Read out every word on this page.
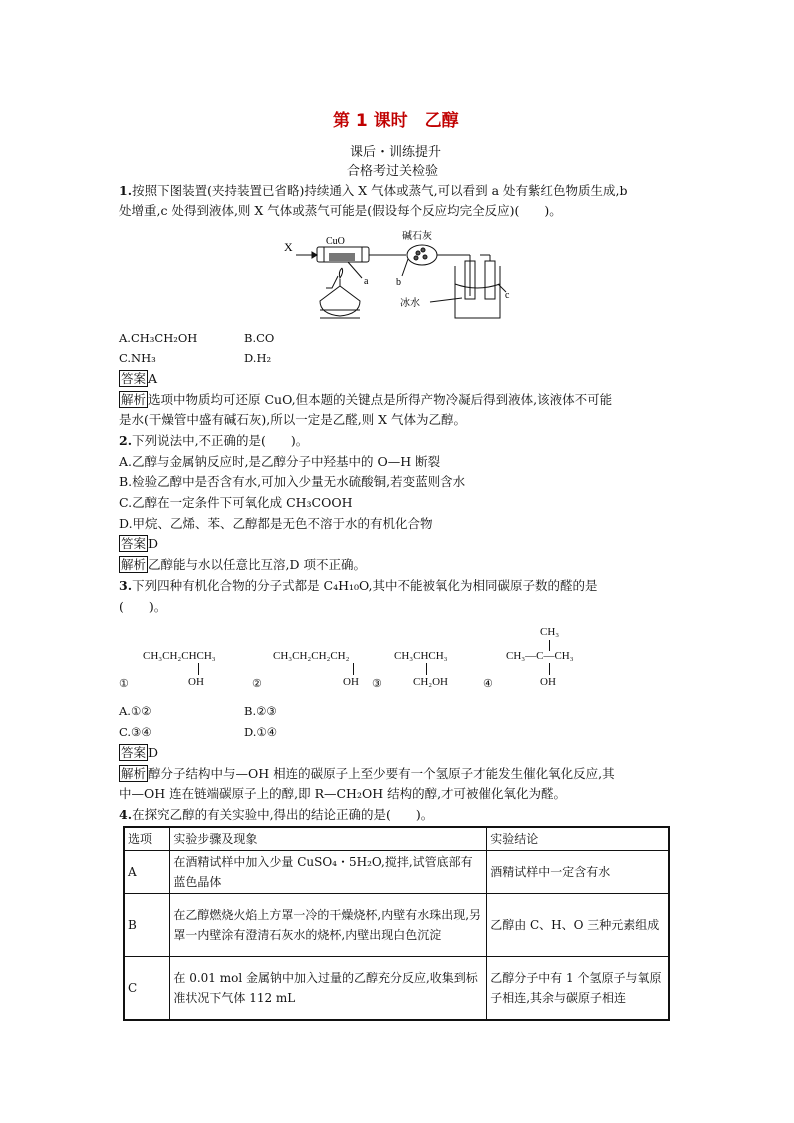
第 1 课时　乙醇
课后・训练提升
合格考过关检验
1.按照下图装置(夹持装置已省略)持续通入 X 气体或蒸气,可以看到 a 处有紫红色物质生成,b
处增重,c 处得到液体,则 X 气体或蒸气可能是(假设每个反应均完全反应)(　　)。
X	CuO	碱石灰
a	b
c
冰水
A.CH₃CH₂OH	B.CO
C.NH₃	D.H₂
答案 A
解析 选项中物质均可还原 CuO,但本题的关键点是所得产物冷凝后得到液体,该液体不可能
是水(干燥管中盛有碱石灰),所以一定是乙醛,则 X 气体为乙醇。
2.下列说法中,不正确的是(　　)。
A.乙醇与金属钠反应时,是乙醇分子中羟基中的 O—H 断裂
B.检验乙醇中是否含有水,可加入少量无水硫酸铜,若变蓝则含水
C.乙醇在一定条件下可氧化成 CH₃COOH
D.甲烷、乙烯、苯、乙醇都是无色不溶于水的有机化合物
答案 D
解析 乙醇能与水以任意比互溶,D 项不正确。
3.下列四种有机化合物的分子式都是 C₄H₁₀O,其中不能被氧化为相同碳原子数的醛的是
(　　)。
CH₃CH₂CHCH₃
OH
①
CH₃CH₂CH₂CH₂
OH
②
CH₃CHCH₃
CH₂OH
③
CH₃
CH₃—C—CH₃
OH
④
A.①②	B.②③
C.③④	D.①④
答案 D
解析 醇分子结构中与—OH 相连的碳原子上至少要有一个氢原子才能发生催化氧化反应,其
中—OH 连在链端碳原子上的醇,即 R—CH₂OH 结构的醇,才可被催化氧化为醛。
4.在探究乙醇的有关实验中,得出的结论正确的是(　　)。
选项	实验步骤及现象	实验结论
A	在酒精试样中加入少量 CuSO₄・5H₂O,搅拌,试管底部有蓝色晶体	酒精试样中一定含有水
B	在乙醇燃烧火焰上方罩一冷的干燥烧杯,内壁有水珠出现,另罩一内壁涂有澄清石灰水的烧杯,内壁出现白色沉淀	乙醇由 C、H、O 三种元素组成
C	在 0.01 mol 金属钠中加入过量的乙醇充分反应,收集到标准状况下气体 112 mL	乙醇分子中有 1 个氢原子与氧原子相连,其余与碳原子相连
